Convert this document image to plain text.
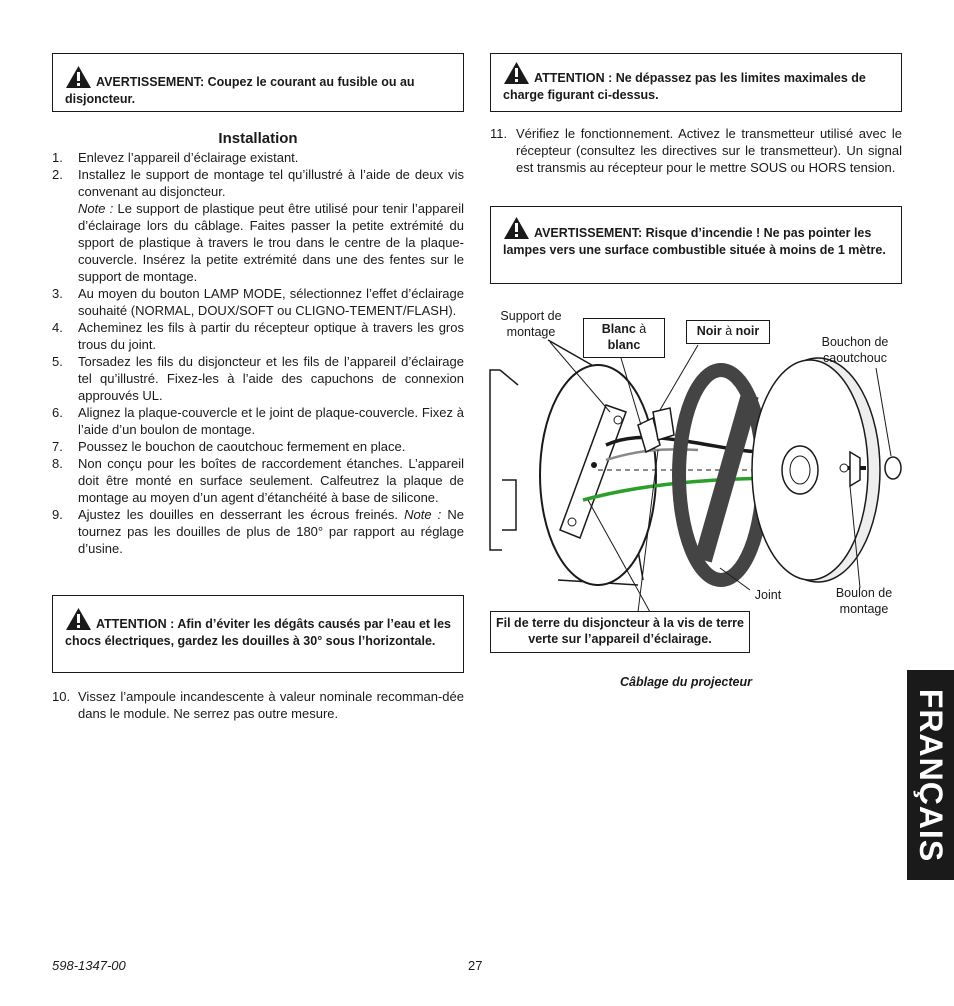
AVERTISSEMENT: Coupez le courant au fusible ou au disjoncteur.
Installation
1. Enlevez l’appareil d’éclairage existant.
2. Installez le support de montage tel qu’illustré à l’aide de deux vis convenant au disjoncteur.
Note : Le support de plastique peut être utilisé pour tenir l’appareil d’éclairage lors du câblage. Faites passer la petite extrémité du spport de plastique à travers le trou dans le centre de la plaque-couvercle. Insérez la petite extrémité dans une des fentes sur le support de montage.
3. Au moyen du bouton LAMP MODE, sélectionnez l’effet d’éclairage souhaité (NORMAL, DOUX/SOFT ou CLIGNO-TEMENT/FLASH).
4. Acheminez les fils à partir du récepteur optique à travers les gros trous du joint.
5. Torsadez les fils du disjoncteur et les fils de l’appareil d’éclairage tel qu’illustré. Fixez-les à l’aide des capuchons de connexion approuvés UL.
6. Alignez la plaque-couvercle et le joint de plaque-couvercle. Fixez à l’aide d’un boulon de montage.
7. Poussez le bouchon de caoutchouc fermement en place.
8. Non conçu pour les boîtes de raccordement étanches. L’appareil doit être monté en surface seulement. Calfeutrez la plaque de montage au moyen d’un agent d’étanchéité à base de silicone.
9. Ajustez les douilles en desserrant les écrous freinés. Note : Ne tournez pas les douilles de plus de 180° par rapport au réglage d’usine.
ATTENTION : Afin d’éviter les dégâts causés par l’eau et les chocs électriques, gardez les douilles à 30° sous l’horizontale.
10. Vissez l’ampoule incandescente à valeur nominale recomman-dée dans le module. Ne serrez pas outre mesure.
ATTENTION : Ne dépassez pas les limites maximales de charge figurant ci-dessus.
11. Vérifiez le fonctionnement. Activez le transmetteur utilisé avec le récepteur (consultez les directives sur le transmetteur). Un signal est transmis au récepteur pour le mettre SOUS ou HORS tension.
AVERTISSEMENT: Risque d’incendie ! Ne pas pointer les lampes vers une surface combustible située à moins de 1 mètre.
Support de montage	Blanc à
blanc
Noir à noir
Bouchon de caoutchouc
Joint	Boulon de montage
Fil de terre du disjoncteur à la vis de terre verte sur l’appareil d’éclairage.
Câblage du projecteur
FRANÇAIS
598-1347-00	27
